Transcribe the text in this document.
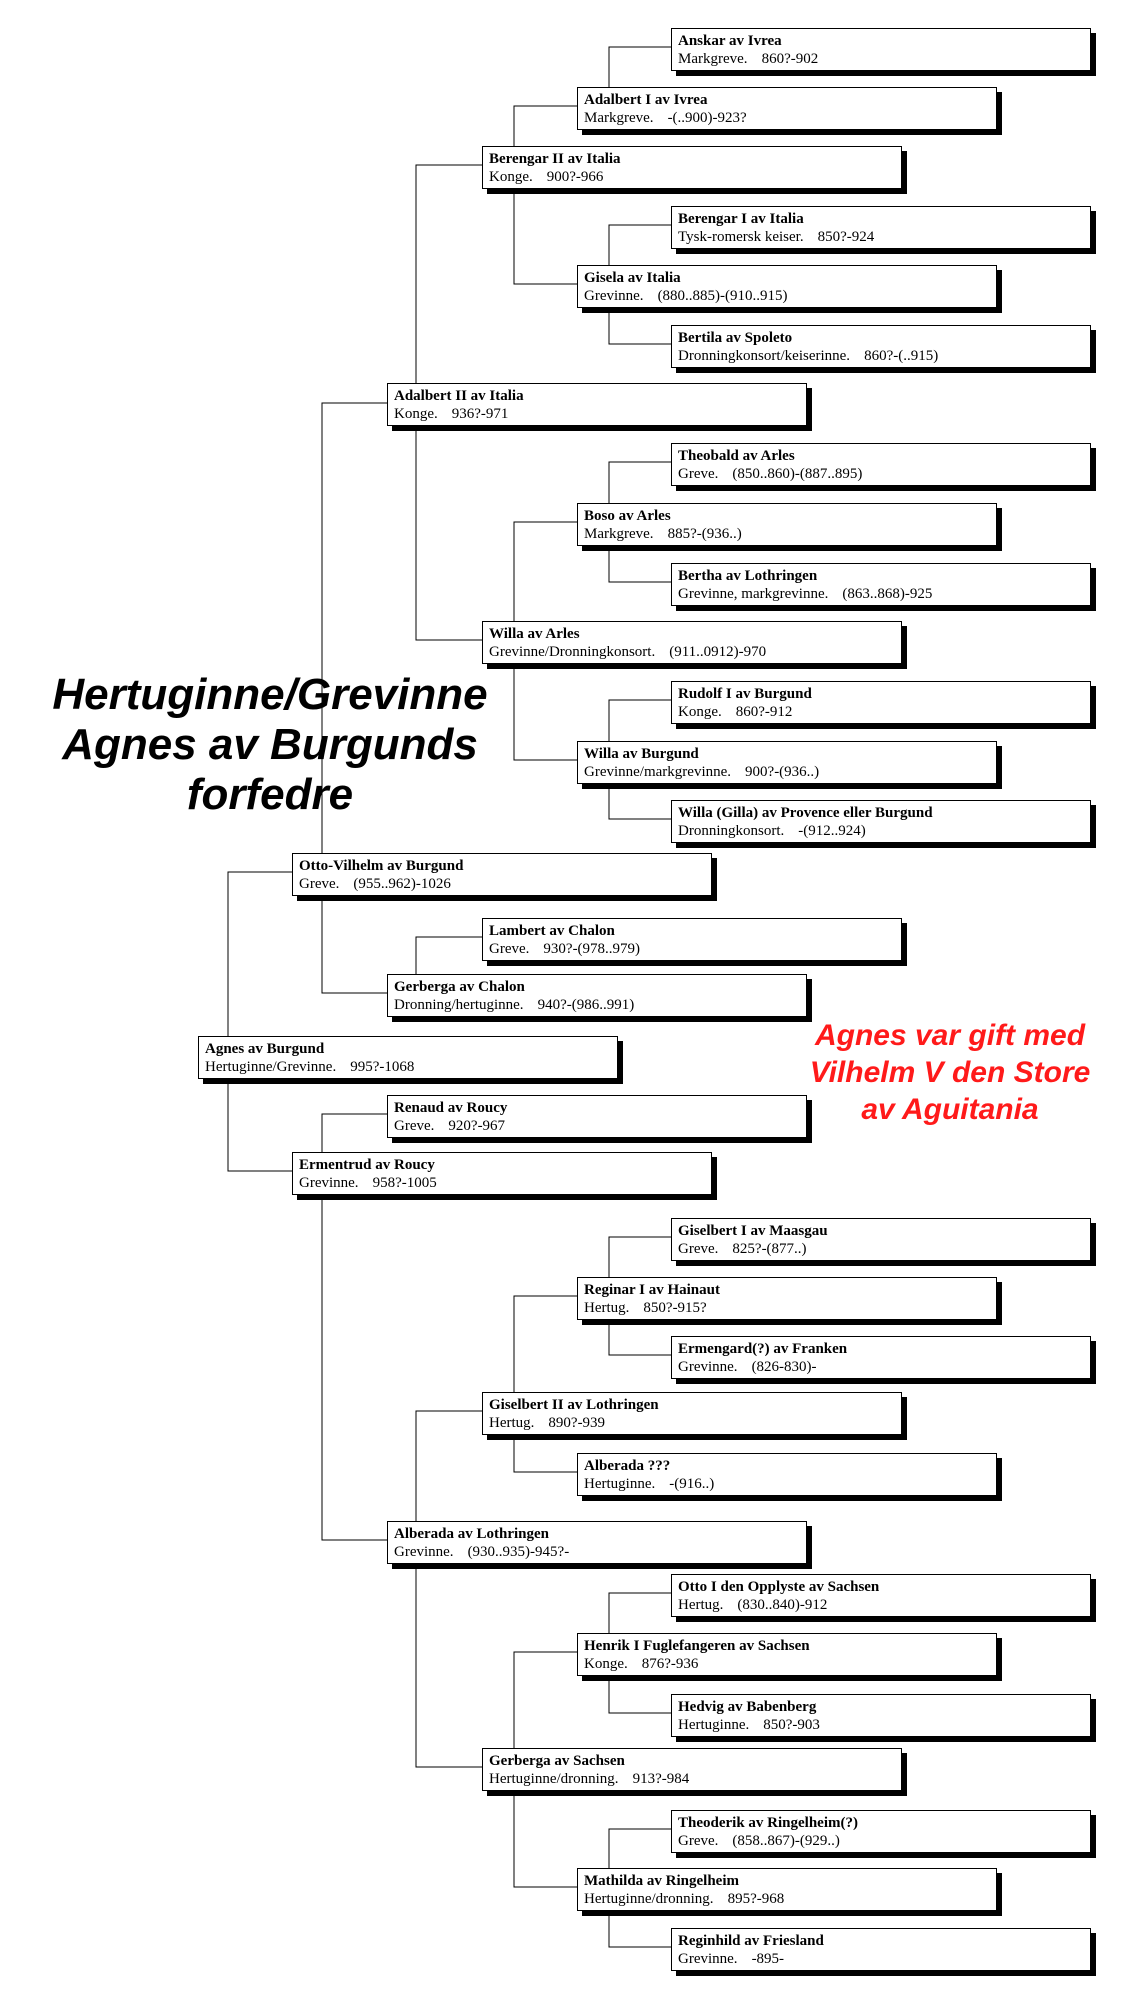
Hertuginne/Grevinne
Agnes av Burgunds
forfedre
Agnes var gift med
Vilhelm V den Store
av Aguitania
Agnes av Burgund
Hertuginne/Grevinne. 995?-1068
Otto-Vilhelm av Burgund
Greve. (955..962)-1026
Ermentrud av Roucy
Grevinne. 958?-1005
Adalbert II av Italia
Konge. 936?-971
Gerberga av Chalon
Dronning/hertuginne. 940?-(986..991)
Renaud av Roucy
Greve. 920?-967
Alberada av Lothringen
Grevinne. (930..935)-945?-
Berengar II av Italia
Konge. 900?-966
Willa av Arles
Grevinne/Dronningkonsort. (911..0912)-970
Lambert av Chalon
Greve. 930?-(978..979)
Giselbert II av Lothringen
Hertug. 890?-939
Gerberga av Sachsen
Hertuginne/dronning. 913?-984
Adalbert I av Ivrea
Markgreve. -(..900)-923?
Gisela av Italia
Grevinne. (880..885)-(910..915)
Boso av Arles
Markgreve. 885?-(936..)
Willa av Burgund
Grevinne/markgrevinne. 900?-(936..)
Reginar I av Hainaut
Hertug. 850?-915?
Alberada ???
Hertuginne. -(916..)
Henrik I Fuglefangeren av Sachsen
Konge. 876?-936
Mathilda av Ringelheim
Hertuginne/dronning. 895?-968
Anskar av Ivrea
Markgreve. 860?-902
Berengar I av Italia
Tysk-romersk keiser. 850?-924
Bertila av Spoleto
Dronningkonsort/keiserinne. 860?-(..915)
Theobald av Arles
Greve. (850..860)-(887..895)
Bertha av Lothringen
Grevinne, markgrevinne. (863..868)-925
Rudolf I av Burgund
Konge. 860?-912
Willa (Gilla) av Provence eller Burgund
Dronningkonsort. -(912..924)
Giselbert I av Maasgau
Greve. 825?-(877..)
Ermengard(?) av Franken
Grevinne. (826-830)-
Otto I den Opplyste av Sachsen
Hertug. (830..840)-912
Hedvig av Babenberg
Hertuginne. 850?-903
Theoderik av Ringelheim(?)
Greve. (858..867)-(929..)
Reginhild av Friesland
Grevinne. -895-
